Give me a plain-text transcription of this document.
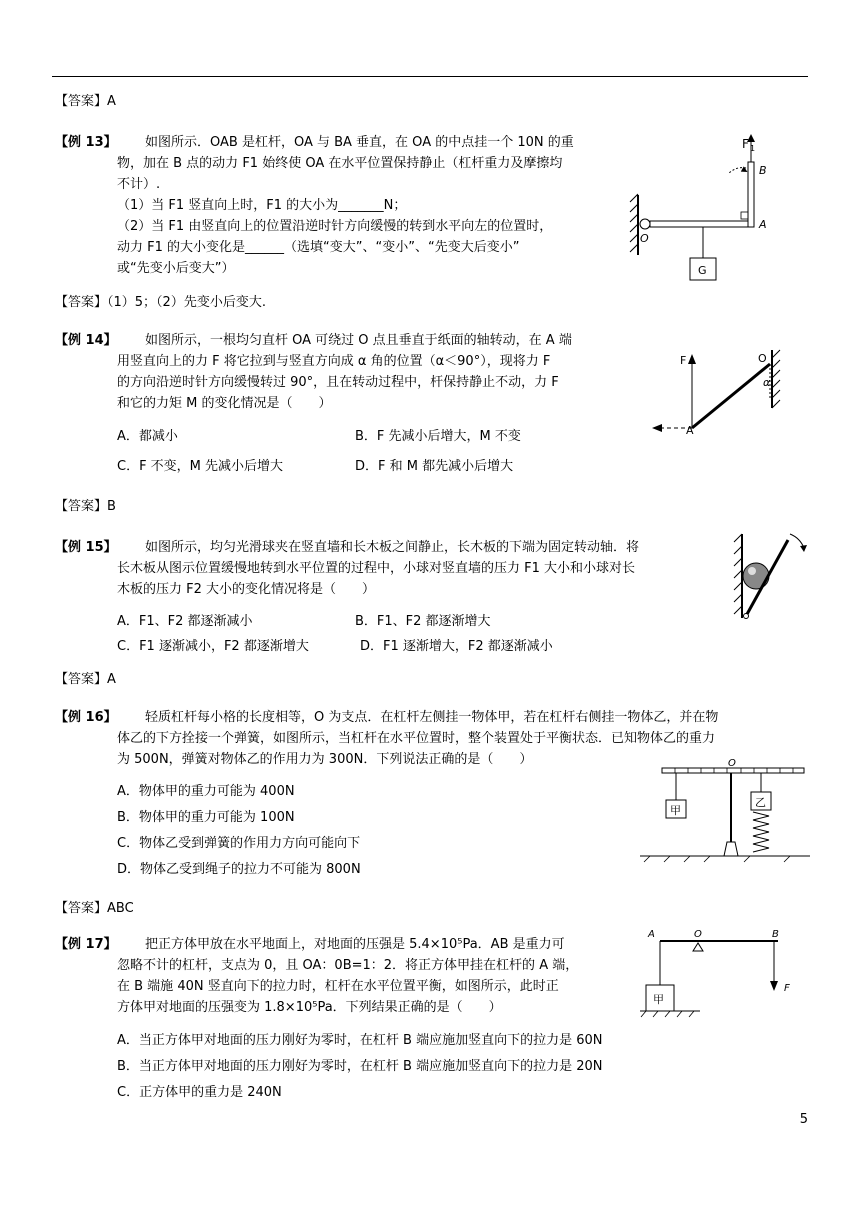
【答案】A
【例 13】 如图所示．OAB 是杠杆，OA 与 BA 垂直，在 OA 的中点挂一个 10N 的重
物，加在 B 点的动力 F1 始终使 OA 在水平位置保持静止（杠杆重力及摩擦均
不计）.
（1）当 F1 竖直向上时，F1 的大小为_______N；
（2）当 F1 由竖直向上的位置沿逆时针方向缓慢的转到水平向左的位置时，
动力 F1 的大小变化是______（选填“变大”、“变小”、“先变大后变小”
或“先变小后变大”）
F 1
B
A
O
G
【答案】（1）5；（2）先变小后变大.
【例 14】 如图所示，一根均匀直杆 OA 可绕过 O 点且垂直于纸面的轴转动，在 A 端
用竖直向上的力 F 将它拉到与竖直方向成 α 角的位置（α＜90°），现将力 F
的方向沿逆时针方向缓慢转过 90°，且在转动过程中，杆保持静止不动，力 F
和它的力矩 M 的变化情况是（　　）
A．都减小	B．F 先减小后增大，M 不变
C．F 不变，M 先减小后增大	D．F 和 M 都先减小后增大
F	O
A
α
【答案】B
【例 15】 如图所示，均匀光滑球夹在竖直墙和长木板之间静止，长木板的下端为固定转动轴．将
长木板从图示位置缓慢地转到水平位置的过程中，小球对竖直墙的压力 F1 大小和小球对长
木板的压力 F2 大小的变化情况将是（　　）
A．F1、F2 都逐渐减小	B．F1、F2 都逐渐增大
C．F1 逐渐减小，F2 都逐渐增大	D．F1 逐渐增大，F2 都逐渐减小
【答案】A
【例 16】 轻质杠杆每小格的长度相等，O 为支点．在杠杆左侧挂一物体甲，若在杠杆右侧挂一物体乙，并在物
体乙的下方拴接一个弹簧，如图所示，当杠杆在水平位置时，整个装置处于平衡状态．已知物体乙的重力
为 500N，弹簧对物体乙的作用力为 300N．下列说法正确的是（　　）
A．物体甲的重力可能为 400N
B．物体甲的重力可能为 100N
C．物体乙受到弹簧的作用力方向可能向下
D．物体乙受到绳子的拉力不可能为 800N
O
甲
乙
【答案】ABC
【例 17】 把正方体甲放在水平地面上，对地面的压强是 5.4×10⁵Pa．AB 是重力可
忽略不计的杠杆，支点为 0，且 OA：0B=1：2．将正方体甲挂在杠杆的 A 端，
在 B 端施 40N 竖直向下的拉力时，杠杆在水平位置平衡，如图所示，此时正
方体甲对地面的压强变为 1.8×10⁵Pa．下列结果正确的是（　　）
A．当正方体甲对地面的压力刚好为零时，在杠杆 B 端应施加竖直向下的拉力是 60N
B．当正方体甲对地面的压力刚好为零时，在杠杆 B 端应施加竖直向下的拉力是 20N
C．正方体甲的重力是 240N
A	O	B
F
甲
5
